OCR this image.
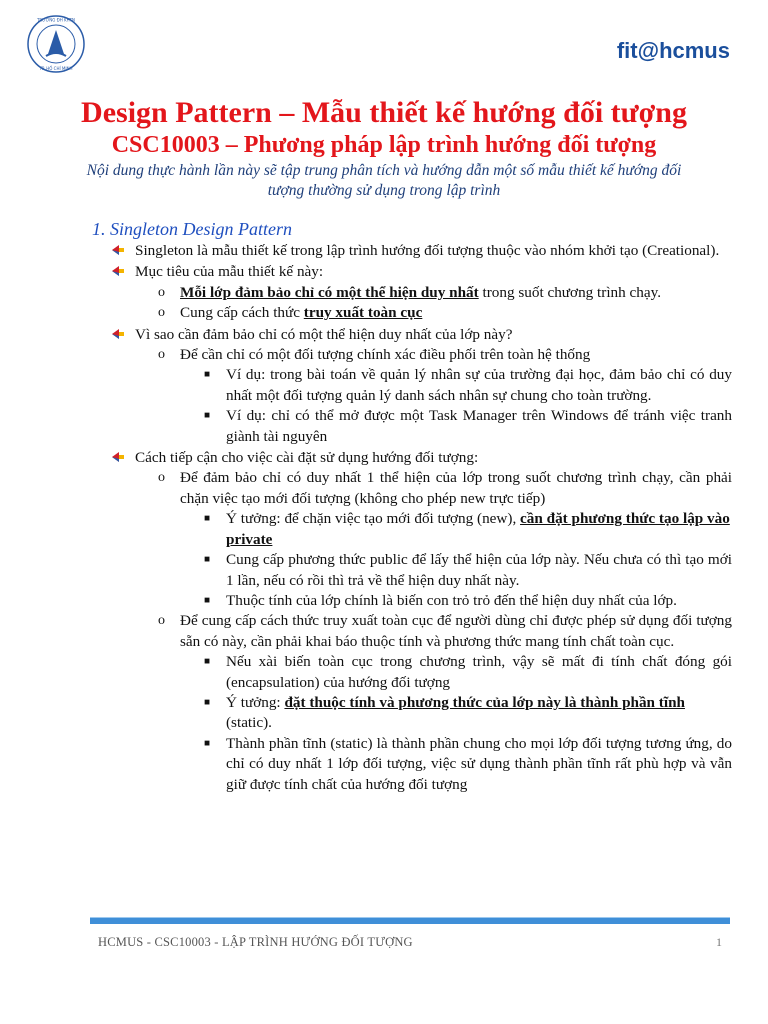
TRƯỜNG ĐH KHTN
TP. HỒ CHÍ MINH
fit@hcmus
Design Pattern – Mẫu thiết kế hướng đối tượng
CSC10003 – Phương pháp lập trình hướng đối tượng
Nội dung thực hành lần này sẽ tập trung phân tích và hướng dẫn một số mẫu thiết kế hướng đối tượng thường sử dụng trong lập trình
1. Singleton Design Pattern
Singleton là mẫu thiết kế trong lập trình hướng đối tượng thuộc vào nhóm khởi tạo (Creational).
Mục tiêu của mẫu thiết kế này:
o Mỗi lớp đảm bảo chỉ có một thể hiện duy nhất trong suốt chương trình chạy.
o Cung cấp cách thức truy xuất toàn cục
Vì sao cần đảm bảo chỉ có một thể hiện duy nhất của lớp này?
o Để cần chỉ có một đối tượng chính xác điều phối trên toàn hệ thống
■ Ví dụ: trong bài toán về quản lý nhân sự của trường đại học, đảm bảo chỉ có duy nhất một đối tượng quản lý danh sách nhân sự chung cho toàn trường.
■ Ví dụ: chỉ có thể mở được một Task Manager trên Windows để tránh việc tranh giành tài nguyên
Cách tiếp cận cho việc cài đặt sử dụng hướng đối tượng:
o Để đảm bảo chỉ có duy nhất 1 thể hiện của lớp trong suốt chương trình chạy, cần phải chặn việc tạo mới đối tượng (không cho phép new trực tiếp)
■ Ý tưởng: để chặn việc tạo mới đối tượng (new), cần đặt phương thức tạo lập vào private
■ Cung cấp phương thức public để lấy thể hiện của lớp này. Nếu chưa có thì tạo mới 1 lần, nếu có rồi thì trả về thể hiện duy nhất này.
■ Thuộc tính của lớp chính là biến con trỏ trỏ đến thể hiện duy nhất của lớp.
o Để cung cấp cách thức truy xuất toàn cục để người dùng chỉ được phép sử dụng đối tượng sẵn có này, cần phải khai báo thuộc tính và phương thức mang tính chất toàn cục.
■ Nếu xài biến toàn cục trong chương trình, vậy sẽ mất đi tính chất đóng gói (encapsulation) của hướng đối tượng
■ Ý tưởng: đặt thuộc tính và phương thức của lớp này là thành phần tĩnh (static).
■ Thành phần tĩnh (static) là thành phần chung cho mọi lớp đối tượng tương ứng, do chỉ có duy nhất 1 lớp đối tượng, việc sử dụng thành phần tĩnh rất phù hợp và vẫn giữ được tính chất của hướng đối tượng
HCMUS - CSC10003 - LẬP TRÌNH HƯỚNG ĐỐI TƯỢNG	1
